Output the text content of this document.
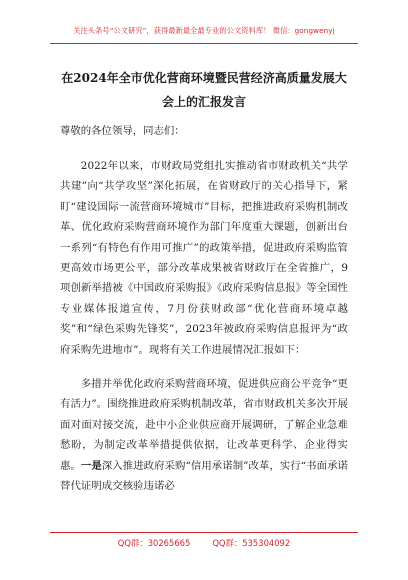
关注头条号“公文研究”，获得最新最全最专业的公文资料库！ 微信：gongwenyj
在2024年全市优化营商环境暨民营经济高质量发展大会上的汇报发言

尊敬的各位领导，同志们：

2022年以来，市财政局党组扎实推动省市财政机关“共学共建”向“共学攻坚”深化拓展，在省财政厅的关心指导下，紧盯“建设国际一流营商环境城市”目标，把推进政府采购机制改革、优化政府采购营商环境作为部门年度重大课题，创新出台一系列“有特色有作用可推广”的政策举措，促进政府采购监管更高效市场更公平，部分改革成果被省财政厅在全省推广，9项创新举措被《中国政府采购报》《政府采购信息报》等全国性专业媒体报道宣传，7月份获财政部“优化营商环境卓越奖”和“绿色采购先锋奖”，2023年被政府采购信息报评为“政府采购先进地市”。现将有关工作进展情况汇报如下：

多措并举优化政府采购营商环境，促进供应商公平竞争“更有活力”。围绕推进政府采购机制改革，省市财政机关多次开展面对面对接交流，赴中小企业供应商开展调研，了解企业急难愁盼，为制定改革举措提供依据，让改革更科学、企业得实惠。一是深入推进政府采购“信用承诺制”改革，实行“书面承诺替代证明成交核验违诺必

QQ群：30265665	QQ群：535304092
